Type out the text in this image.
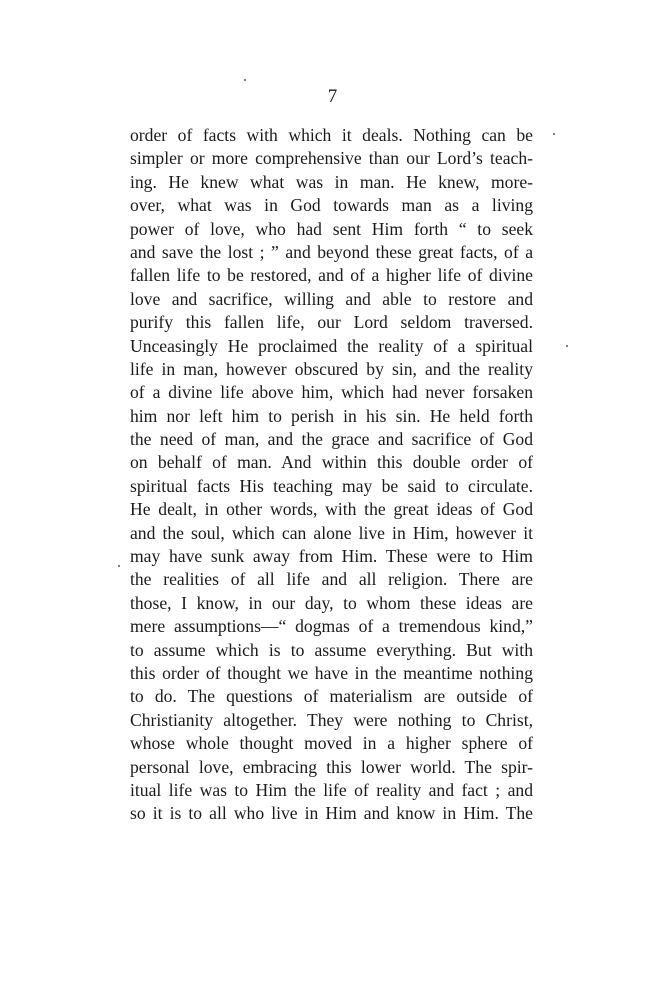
7
order of facts with which it deals. Nothing can be
simpler or more comprehensive than our Lord’s teach-
ing. He knew what was in man. He knew, more-
over, what was in God towards man as a living
power of love, who had sent Him forth “ to seek
and save the lost ; ” and beyond these great facts, of a
fallen life to be restored, and of a higher life of divine
love and sacrifice, willing and able to restore and
purify this fallen life, our Lord seldom traversed.
Unceasingly He proclaimed the reality of a spiritual
life in man, however obscured by sin, and the reality
of a divine life above him, which had never forsaken
him nor left him to perish in his sin. He held forth
the need of man, and the grace and sacrifice of God
on behalf of man. And within this double order of
spiritual facts His teaching may be said to circulate.
He dealt, in other words, with the great ideas of God
and the soul, which can alone live in Him, however it
may have sunk away from Him. These were to Him
the realities of all life and all religion. There are
those, I know, in our day, to whom these ideas are
mere assumptions—“ dogmas of a tremendous kind,”
to assume which is to assume everything. But with
this order of thought we have in the meantime nothing
to do. The questions of materialism are outside of
Christianity altogether. They were nothing to Christ,
whose whole thought moved in a higher sphere of
personal love, embracing this lower world. The spir-
itual life was to Him the life of reality and fact ; and
so it is to all who live in Him and know in Him. The
